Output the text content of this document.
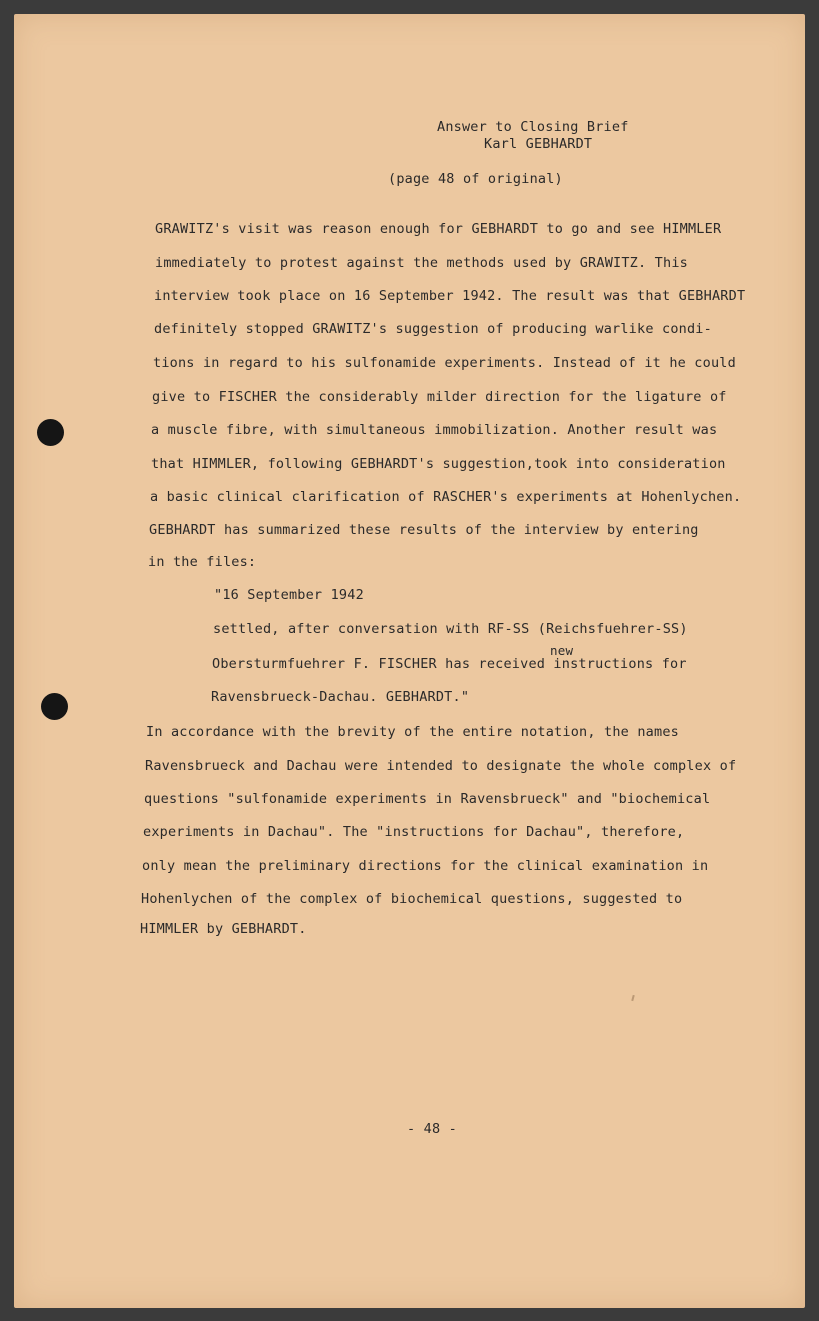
Answer to Closing Brief
Karl GEBHARDT
(page 48 of original)
GRAWITZ's visit was reason enough for GEBHARDT to go and see HIMMLER
immediately to protest against the methods used by GRAWITZ. This
interview took place on 16 September 1942. The result was that GEBHARDT
definitely stopped GRAWITZ's suggestion of producing warlike condi-
tions in regard to his sulfonamide experiments. Instead of it he could
give to FISCHER the considerably milder direction for the ligature of
a muscle fibre, with simultaneous immobilization. Another result was
that HIMMLER, following GEBHARDT's suggestion,took into consideration
a basic clinical clarification of RASCHER's experiments at Hohenlychen.
GEBHARDT has summarized these results of the interview by entering
in the files:
"16 September 1942
settled, after conversation with RF-SS (Reichsfuehrer-SS)
new
Obersturmfuehrer F. FISCHER has received instructions for
Ravensbrueck-Dachau. GEBHARDT."
In accordance with the brevity of the entire notation, the names
Ravensbrueck and Dachau were intended to designate the whole complex of
questions "sulfonamide experiments in Ravensbrueck" and "biochemical
experiments in Dachau". The "instructions for Dachau", therefore,
only mean the preliminary directions for the clinical examination in
Hohenlychen of the complex of biochemical questions, suggested to
HIMMLER by GEBHARDT.
- 48 -
